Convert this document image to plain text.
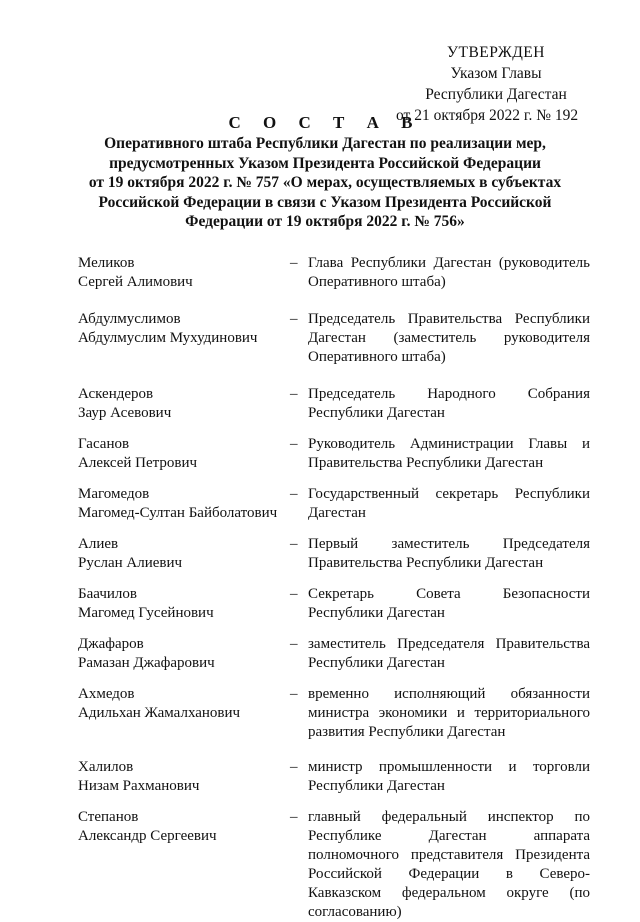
УТВЕРЖДЕН
Указом Главы
Республики Дагестан
от 21 октября 2022 г. № 192
С О С Т А В
Оперативного штаба Республики Дагестан по реализации мер,
предусмотренных Указом Президента Российской Федерации
от 19 октября 2022 г. № 757 «О мерах, осуществляемых в субъектах
Российской Федерации в связи с Указом Президента Российской
Федерации от 19 октября 2022 г. № 756»
Меликов
Сергей Алимович
– Глава Республики Дагестан (руководитель Оперативного штаба)
Абдулмуслимов
Абдулмуслим Мухудинович
– Председатель Правительства Республики Дагестан (заместитель руководителя Оперативного штаба)
Аскендеров
Заур Асевович
– Председатель Народного Собрания Республики Дагестан
Гасанов
Алексей Петрович
– Руководитель Администрации Главы и Правительства Республики Дагестан
Магомедов
Магомед-Султан Байболатович
– Государственный секретарь Республики Дагестан
Алиев
Руслан Алиевич
– Первый заместитель Председателя Правительства Республики Дагестан
Баачилов
Магомед Гусейнович
– Секретарь Совета Безопасности Республики Дагестан
Джафаров
Рамазан Джафарович
– заместитель Председателя Правительства Республики Дагестан
Ахмедов
Адильхан Жамалханович
– временно исполняющий обязанности министра экономики и территориального развития Республики Дагестан
Халилов
Низам Рахманович
– министр промышленности и торговли Республики Дагестан
Степанов
Александр Сергеевич
– главный федеральный инспектор по Республике Дагестан аппарата полномочного представителя Президента Российской Федерации в Северо-Кавказском федеральном округе (по согласованию)
